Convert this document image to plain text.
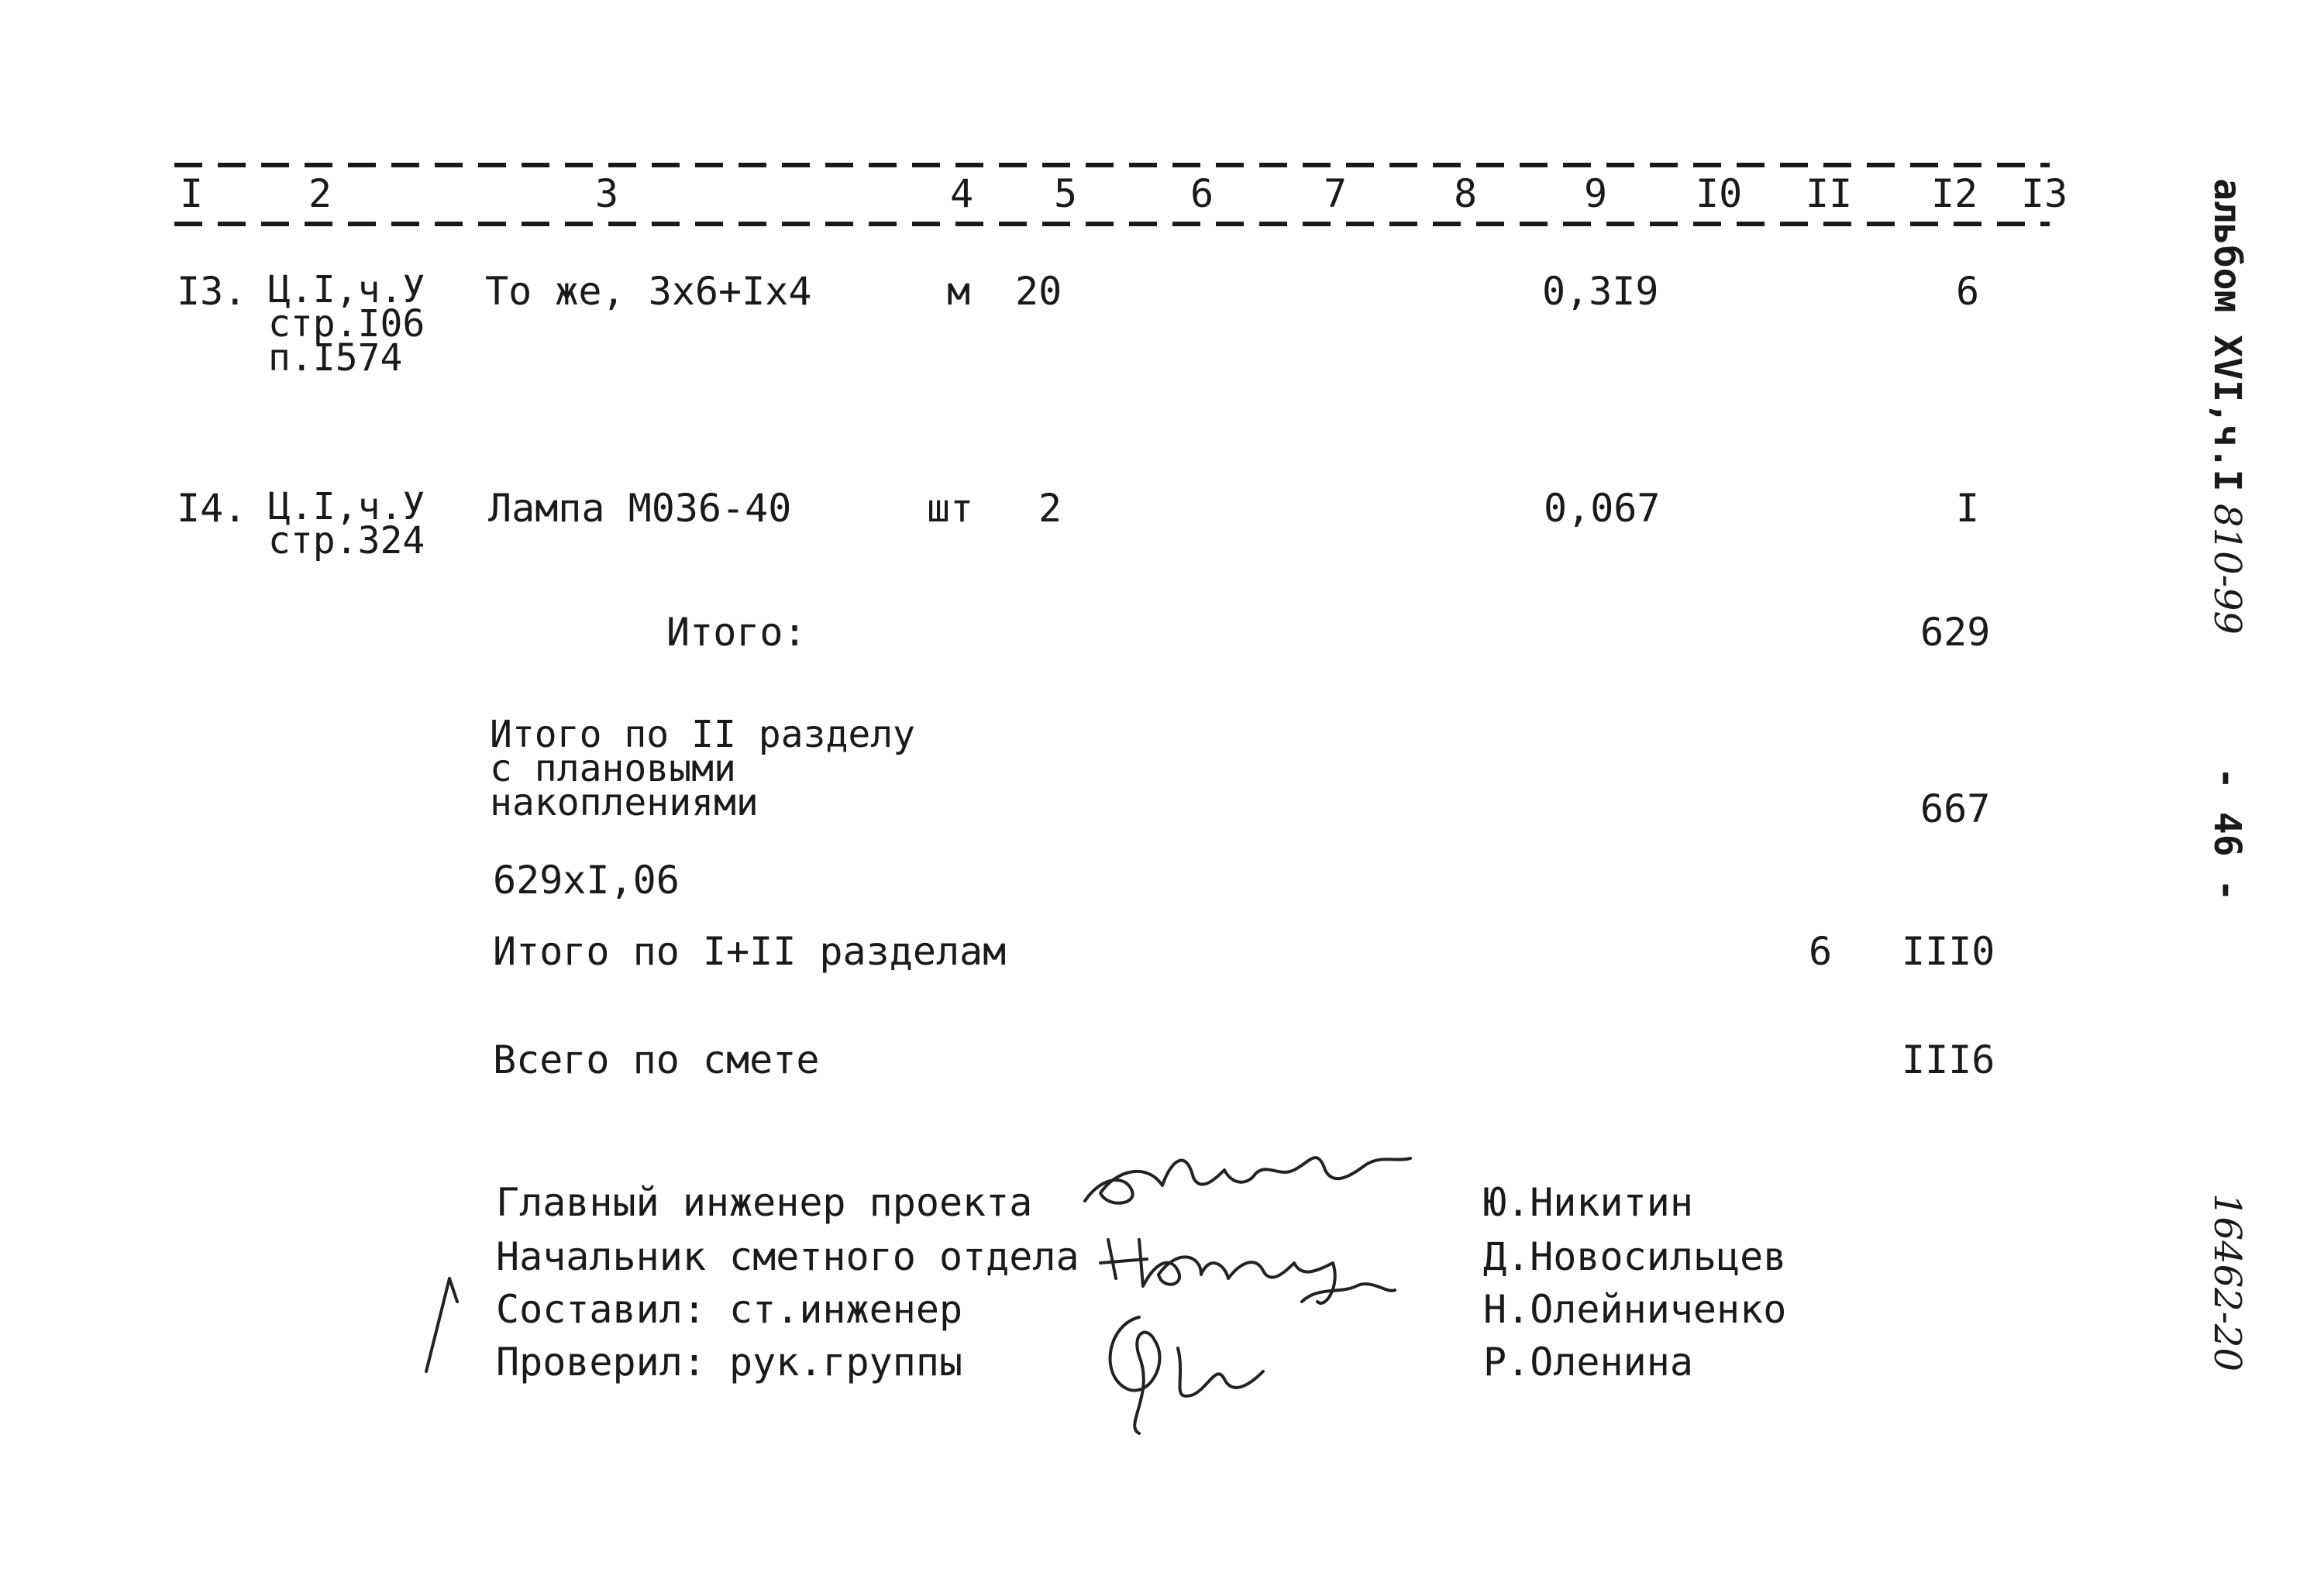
I	2	3	4 5	6	7	8	9 I0 II I2 I3
I3. Ц.I,ч.У
стр.I06
п.I574
То же, 3х6+Iх4	м 20	0,3I9	6
I4. Ц.I,ч.У
стр.324
Лампа М036-40	шт 2	0,067	I
Итого:	629
Итого по II разделу
с плановыми
накоплениями	667
629хI,06
Итого по I+II разделам	6 III0
Всего по смете	III6
Главный инженер проекта	Ю.Никитин
Начальник сметного отдела	Д.Новосильцев
Составил: ст.инженер	Н.Олейниченко
Проверил: рук.группы	Р.Оленина
альбом XVI,ч.I
810-99
- 46 -
16462-20
